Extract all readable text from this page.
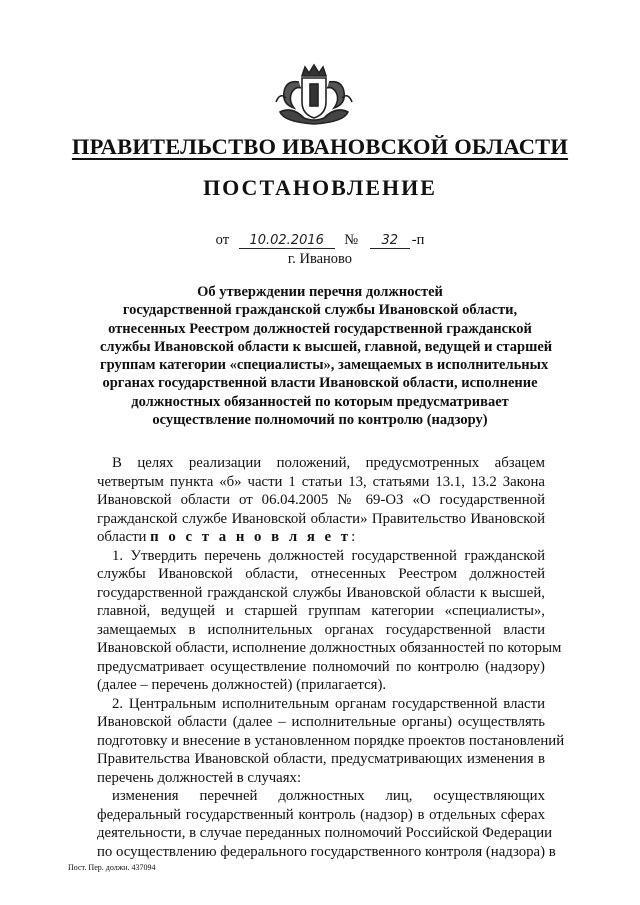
ПРАВИТЕЛЬСТВО ИВАНОВСКОЙ ОБЛАСТИ
ПОСТАНОВЛЕНИЕ
от 10.02.2016 № 32 -п
г. Иваново
Об утверждении перечня должностей
государственной гражданской службы Ивановской области,
отнесенных Реестром должностей государственной гражданской
службы Ивановской области к высшей, главной, ведущей и старшей
группам категории «специалисты», замещаемых в исполнительных
органах государственной власти Ивановской области, исполнение
должностных обязанностей по которым предусматривает
осуществление полномочий по контролю (надзору)
В целях реализации положений, предусмотренных абзацем
четвертым пункта «б» части 1 статьи 13, статьями 13.1, 13.2 Закона
Ивановской области от 06.04.2005 № 69-ОЗ «О государственной
гражданской службе Ивановской области» Правительство Ивановской
области п о с т а н о в л я е т:
1. Утвердить перечень должностей государственной гражданской
службы Ивановской области, отнесенных Реестром должностей
государственной гражданской службы Ивановской области к высшей,
главной, ведущей и старшей группам категории «специалисты»,
замещаемых в исполнительных органах государственной власти
Ивановской области, исполнение должностных обязанностей по которым
предусматривает осуществление полномочий по контролю (надзору)
(далее – перечень должностей) (прилагается).
2. Центральным исполнительным органам государственной власти
Ивановской области (далее – исполнительные органы) осуществлять
подготовку и внесение в установленном порядке проектов постановлений
Правительства Ивановской области, предусматривающих изменения в
перечень должностей в случаях:
изменения перечней должностных лиц, осуществляющих
федеральный государственный контроль (надзор) в отдельных сферах
деятельности, в случае переданных полномочий Российской Федерации
по осуществлению федерального государственного контроля (надзора) в
Пост. Пер. должн. 437094
